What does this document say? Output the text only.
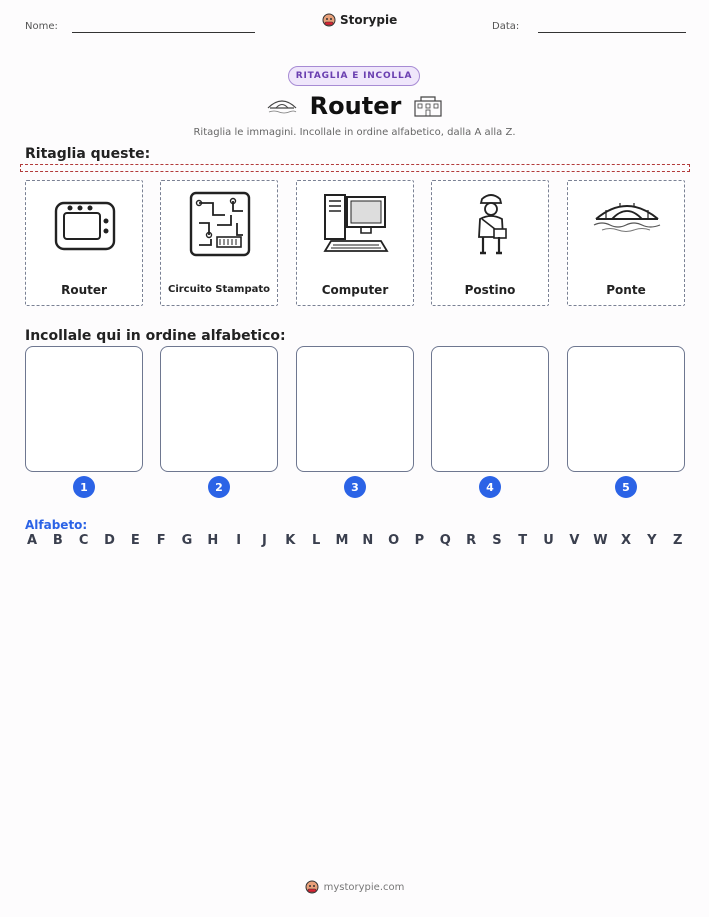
Nome:	Storypie	Data:
RITAGLIA E INCOLLA
Router
Ritaglia le immagini. Incollale in ordine alfabetico, dalla A alla Z.
Ritaglia queste:
Router	Circuito Stampato	Computer	Postino	Ponte
Incollale qui in ordine alfabetico:
1	2	3	4	5
Alfabeto:
A B C D E F G H	I	J	K L M N O P Q R S T U V W X Y Z
mystorypie.com
